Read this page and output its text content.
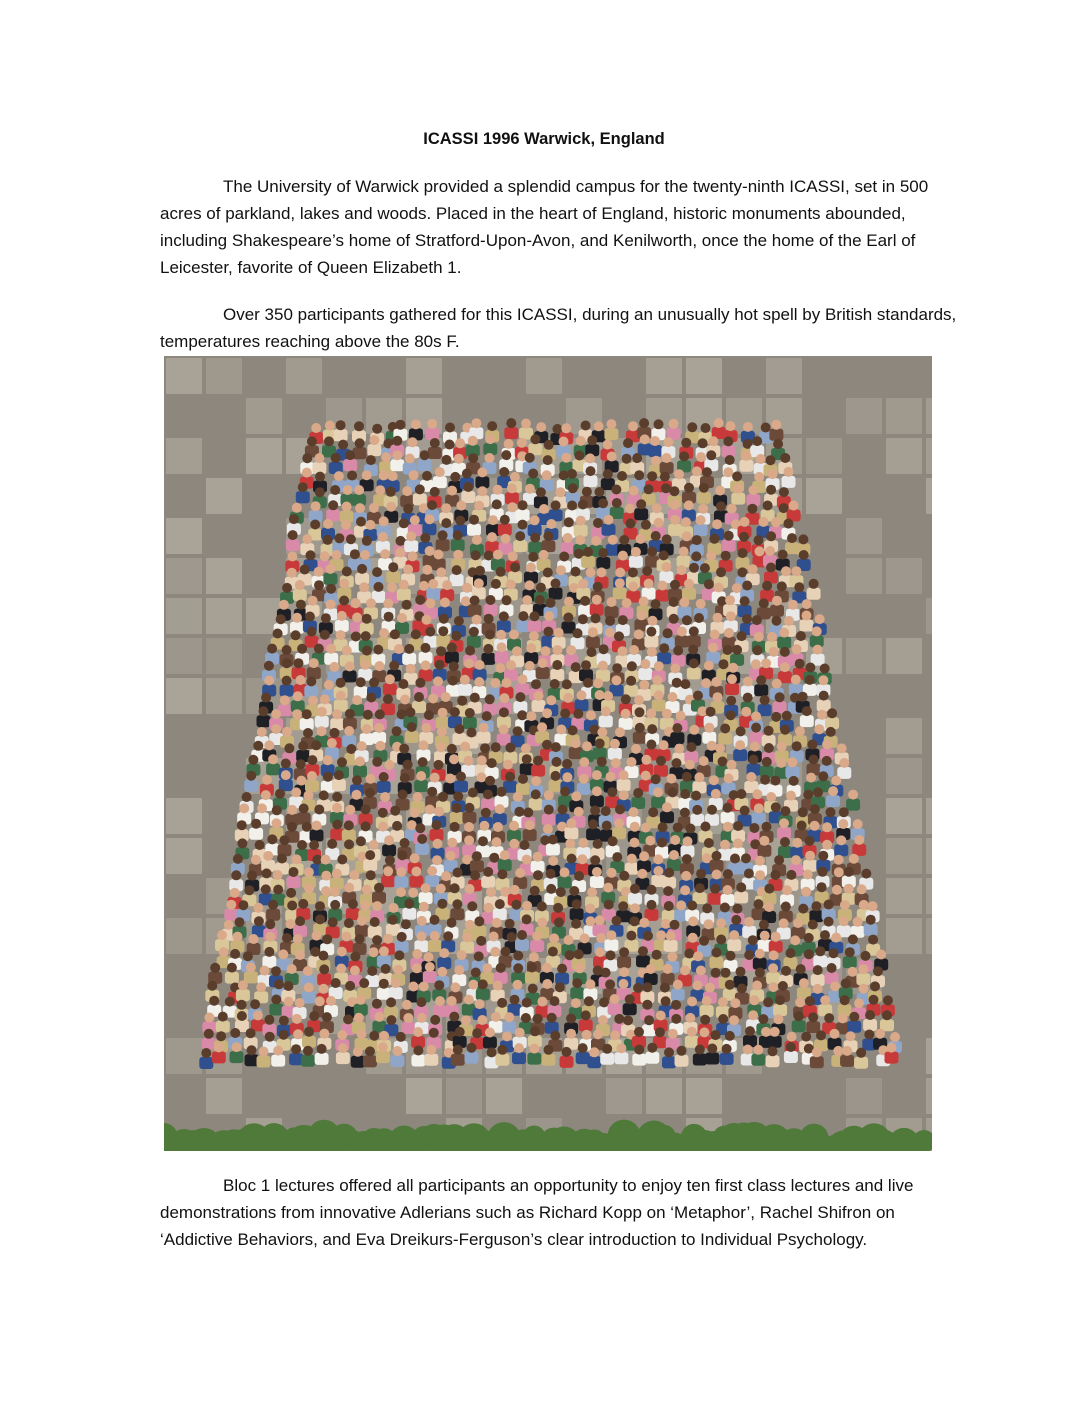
ICASSI 1996 Warwick, England

The University of Warwick provided a splendid campus for the twenty-ninth ICASSI, set in 500 acres of parkland, lakes and woods. Placed in the heart of England, historic monuments abounded, including Shakespeare’s home of Stratford-Upon-Avon, and Kenilworth, once the home of the Earl of Leicester, favorite of Queen Elizabeth 1.

Over 350 participants gathered for this ICASSI, during an unusually hot spell by British standards, temperatures reaching above the 80s F.

Bloc 1 lectures offered all participants an opportunity to enjoy ten first class lectures and live demonstrations from innovative Adlerians such as Richard Kopp on ‘Metaphor’, Rachel Shifron on ‘Addictive Behaviors, and Eva Dreikurs-Ferguson’s clear introduction to Individual Psychology.
